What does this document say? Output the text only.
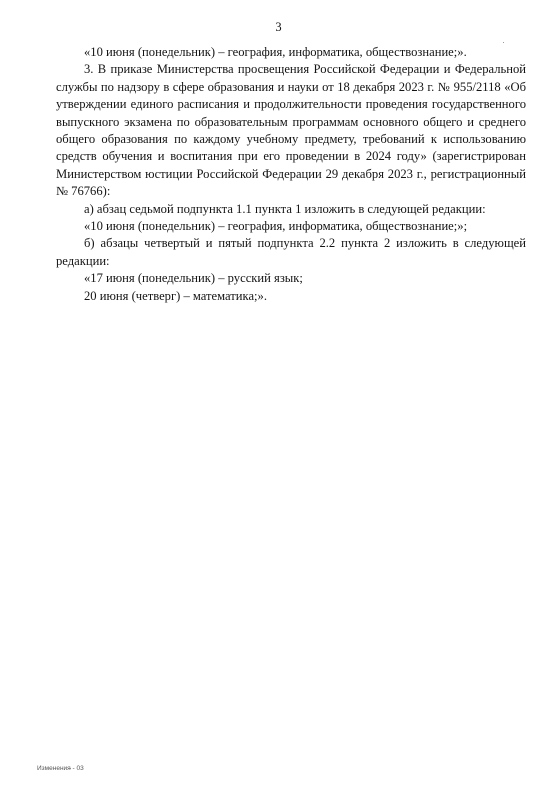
3

«10 июня (понедельник) – география, информатика, обществознание;».

3. В приказе Министерства просвещения Российской Федерации и Федеральной службы по надзору в сфере образования и науки от 18 декабря 2023 г. № 955/2118 «Об утверждении единого расписания и продолжительности проведения государственного выпускного экзамена по образовательным программам основного общего и среднего общего образования по каждому учебному предмету, требований к использованию средств обучения и воспитания при его проведении в 2024 году» (зарегистрирован Министерством юстиции Российской Федерации 29 декабря 2023 г., регистрационный № 76766):

а) абзац седьмой подпункта 1.1 пункта 1 изложить в следующей редакции:

«10 июня (понедельник) – география, информатика, обществознание;»;

б) абзацы четвертый и пятый подпункта 2.2 пункта 2 изложить в следующей редакции:

«17 июня (понедельник) – русский язык;

20 июня (четверг) – математика;».

Изменения - 03
